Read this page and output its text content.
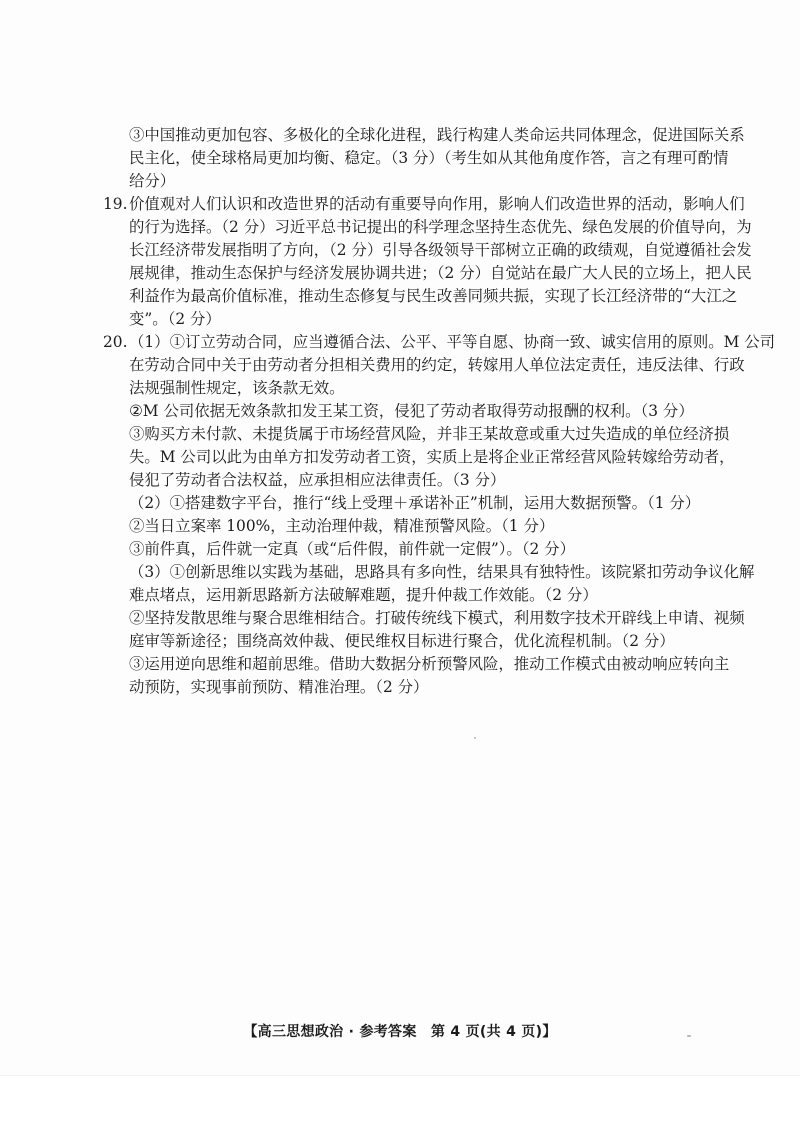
③中国推动更加包容、多极化的全球化进程，践行构建人类命运共同体理念，促进国际关系
民主化，使全球格局更加均衡、稳定。（3 分）（考生如从其他角度作答，言之有理可酌情
给分）
19. 价值观对人们认识和改造世界的活动有重要导向作用，影响人们改造世界的活动，影响人们
的行为选择。（2 分）习近平总书记提出的科学理念坚持生态优先、绿色发展的价值导向，为
长江经济带发展指明了方向，（2 分）引导各级领导干部树立正确的政绩观，自觉遵循社会发
展规律，推动生态保护与经济发展协调共进；（2 分）自觉站在最广大人民的立场上，把人民
利益作为最高价值标准，推动生态修复与民生改善同频共振，实现了长江经济带的“大江之
变”。（2 分）
20. （1）①订立劳动合同，应当遵循合法、公平、平等自愿、协商一致、诚实信用的原则。M 公司
在劳动合同中关于由劳动者分担相关费用的约定，转嫁用人单位法定责任，违反法律、行政
法规强制性规定，该条款无效。
②M 公司依据无效条款扣发王某工资，侵犯了劳动者取得劳动报酬的权利。（3 分）
③购买方未付款、未提货属于市场经营风险，并非王某故意或重大过失造成的单位经济损
失。M 公司以此为由单方扣发劳动者工资，实质上是将企业正常经营风险转嫁给劳动者，
侵犯了劳动者合法权益，应承担相应法律责任。（3 分）
（2）①搭建数字平台，推行“线上受理＋承诺补正”机制，运用大数据预警。（1 分）
②当日立案率 100%，主动治理仲裁，精准预警风险。（1 分）
③前件真，后件就一定真（或“后件假，前件就一定假”）。（2 分）
（3）①创新思维以实践为基础，思路具有多向性，结果具有独特性。该院紧扣劳动争议化解
难点堵点，运用新思路新方法破解难题，提升仲裁工作效能。（2 分）
②坚持发散思维与聚合思维相结合。打破传统线下模式，利用数字技术开辟线上申请、视频
庭审等新途径；围绕高效仲裁、便民维权目标进行聚合，优化流程机制。（2 分）
③运用逆向思维和超前思维。借助大数据分析预警风险，推动工作模式由被动响应转向主
动预防，实现事前预防、精准治理。（2 分）
【高三思想政治 · 参考答案　第 4 页(共 4 页)】
